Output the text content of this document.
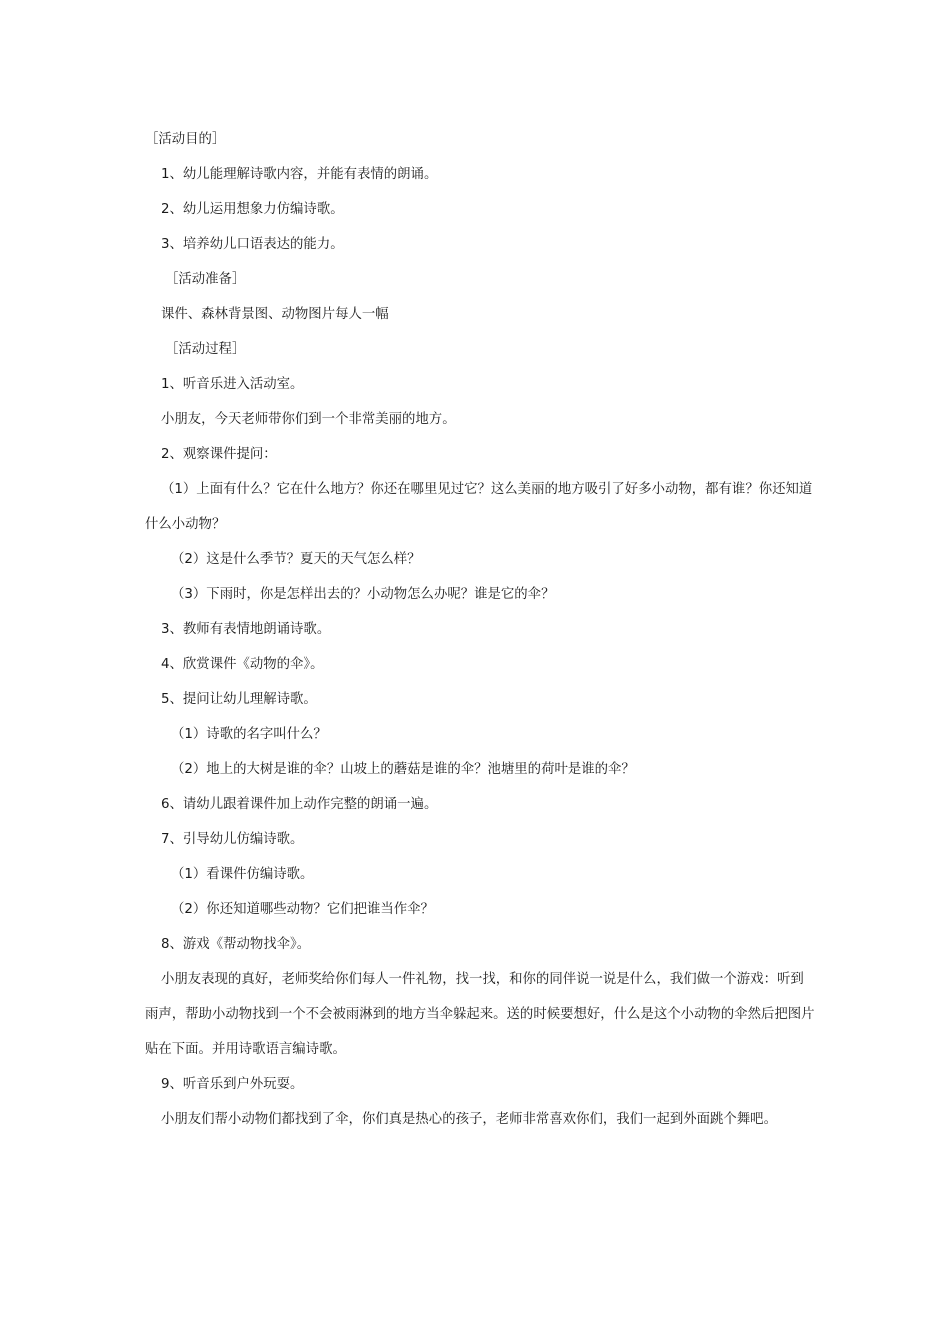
［活动目的］

1、幼儿能理解诗歌内容，并能有表情的朗诵。

2、幼儿运用想象力仿编诗歌。

3、培养幼儿口语表达的能力。

［活动准备］

课件、森林背景图、动物图片每人一幅

［活动过程］

1、听音乐进入活动室。

小朋友，今天老师带你们到一个非常美丽的地方。

2、观察课件提问：

（1）上面有什么？它在什么地方？你还在哪里见过它？这么美丽的地方吸引了好多小动物，都有谁？你还知道什么小动物？

（2）这是什么季节？夏天的天气怎么样？

（3）下雨时，你是怎样出去的？小动物怎么办呢？谁是它的伞？

3、教师有表情地朗诵诗歌。

4、欣赏课件《动物的伞》。

5、提问让幼儿理解诗歌。

（1）诗歌的名字叫什么？

（2）地上的大树是谁的伞？山坡上的蘑菇是谁的伞？池塘里的荷叶是谁的伞？

6、请幼儿跟着课件加上动作完整的朗诵一遍。

7、引导幼儿仿编诗歌。

（1）看课件仿编诗歌。

（2）你还知道哪些动物？它们把谁当作伞？

8、游戏《帮动物找伞》。

小朋友表现的真好，老师奖给你们每人一件礼物，找一找，和你的同伴说一说是什么，我们做一个游戏：听到雨声，帮助小动物找到一个不会被雨淋到的地方当伞躲起来。送的时候要想好，什么是这个小动物的伞然后把图片贴在下面。并用诗歌语言编诗歌。

9、听音乐到户外玩耍。

小朋友们帮小动物们都找到了伞，你们真是热心的孩子，老师非常喜欢你们，我们一起到外面跳个舞吧。
